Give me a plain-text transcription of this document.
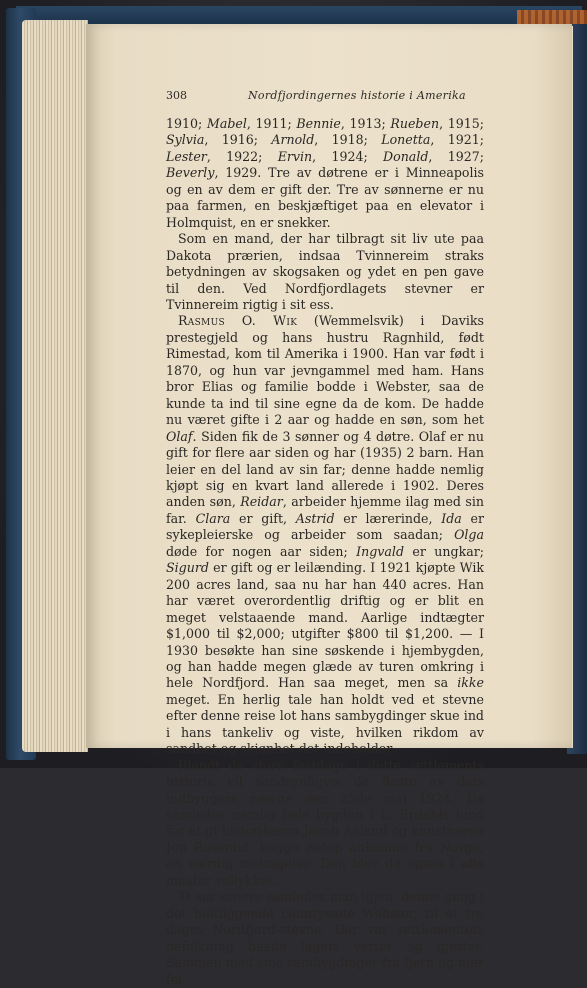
308	Nordfjordingernes historie i Amerika

1910; Mabel, 1911; Bennie, 1913; Rueben, 1915; Sylvia, 1916; Arnold, 1918; Lonetta, 1921; Lester, 1922; Ervin, 1924; Donald, 1927; Beverly, 1929. Tre av døtrene er i Minneapolis og en av dem er gift der. Tre av sønnerne er nu paa farmen, en beskjæftiget paa en elevator i Holmquist, en er snekker.

Som en mand, der har tilbragt sit liv ute paa Dakota prærien, indsaa Tvinnereim straks betydningen av skogsaken og ydet en pen gave til den. Ved Nordfjordlagets stevner er Tvinnereim rigtig i sit ess.

Rasmus O. Wik (Wemmelsvik) i Daviks prestegjeld og hans hustru Ragnhild, født Rimestad, kom til Amerika i 1900. Han var født i 1870, og hun var jevngammel med ham. Hans bror Elias og familie bodde i Webster, saa de kunde ta ind til sine egne da de kom. De hadde nu været gifte i 2 aar og hadde en søn, som het Olaf. Siden fik de 3 sønner og 4 døtre. Olaf er nu gift for flere aar siden og har (1935) 2 barn. Han leier en del land av sin far; denne hadde nemlig kjøpt sig en kvart land allerede i 1902. Deres anden søn, Reidar, arbeider hjemme ilag med sin far. Clara er gift, Astrid er lærerinde, Ida er sykepleierske og arbeider som saadan; Olga døde for nogen aar siden; Ingvald er ungkar; Sigurd er gift og er leilænding. I 1921 kjøpte Wik 200 acres land, saa nu har han 440 acres. Han har været overordentlig driftig og er blit en meget velstaaende mand. Aarlige indtægter $1,000 til $2,000; utgifter $800 til $1,200. — I 1930 besøkte han sine søskende i hjembygden, og han hadde megen glæde av turen omkring i hele Nordfjord. Han saa meget, men sa ikke meget. En herlig tale han holdt ved et stevne efter denne reise lot hans sambygdinger skue ind i hans tankeliv og viste, hvilken rikdom av sandhet og skjønhet det indeholder

Blandt de store festdage i dette settlements historie vil sandsynligvis de fleste av dets indbyggere nævne den 25de mai 1924. Da samledes nemlig hele bygden i L. Erdahls lund for at gi historikeren Jacob Aaland og kunstneren Jon Rosenlid, begge netop ankomne fra Norge, en værdig mottagelse. Den blev da ogsaa i alle maater vellykket.

Ti aar senere samledes man igjen, denne gang i det høitliggende countysæte Webster, til et tre dages Nordfjord-stevne. Der var settlementets befolkning baade lagets verter og gjester. Sammen med sine sambygdinger fra fjern og nær fei-
